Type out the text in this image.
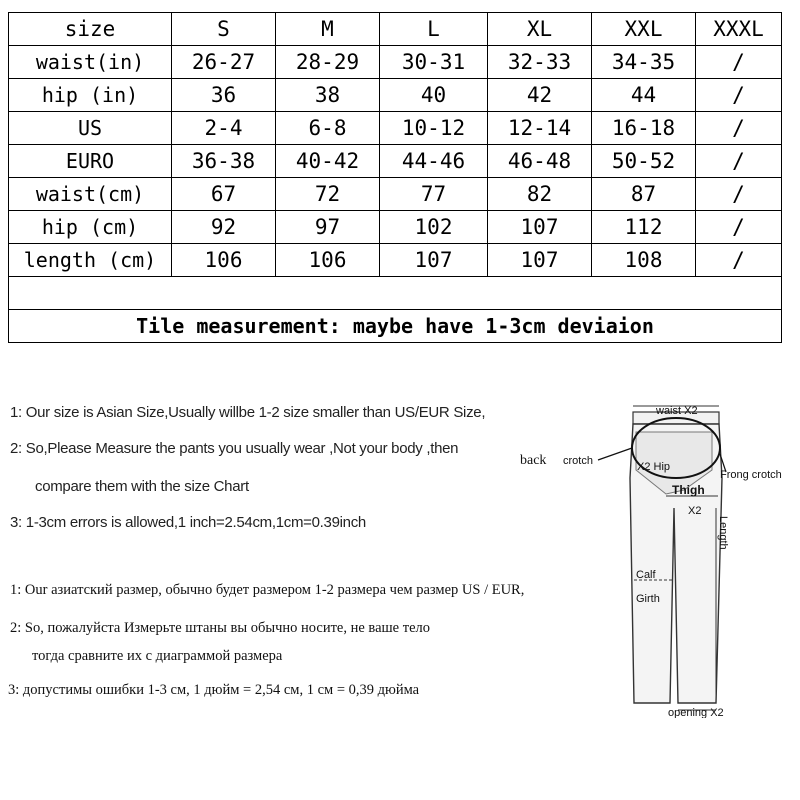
size	S	M	L	XL	XXL	XXXL
waist(in)	26-27	28-29	30-31	32-33	34-35	/
hip (in)	36	38	40	42	44	/
US	2-4	6-8	10-12	12-14	16-18	/
EURO	36-38	40-42	44-46	46-48	50-52	/
waist(cm)	67	72	77	82	87	/
hip (cm)	92	97	102	107	112	/
length (cm)	106	106	107	107	108	/

Tile measurement: maybe have 1-3cm deviaion						
1: Our size is Asian Size,Usually willbe 1-2 size smaller than US/EUR Size,
2: So,Please Measure the pants you usually wear ,Not your body ,then
compare them with the size Chart
3: 1-3cm errors is allowed,1 inch=2.54cm,1cm=0.39inch
1: Our азиатский размер, обычно будет размером 1-2 размера чем размер US / EUR,
2: So, пожалуйста Измерьте штаны вы обычно носите, не ваше тело
тогда сравните их с диаграммой размера
3: допустимы ошибки 1-3 см, 1 дюйм = 2,54 см, 1 см = 0,39 дюйма
waist X2
back crotch	X2 Hip
Thigh
X2
Frong crotch
Length
Calf
Girth
opening X2
